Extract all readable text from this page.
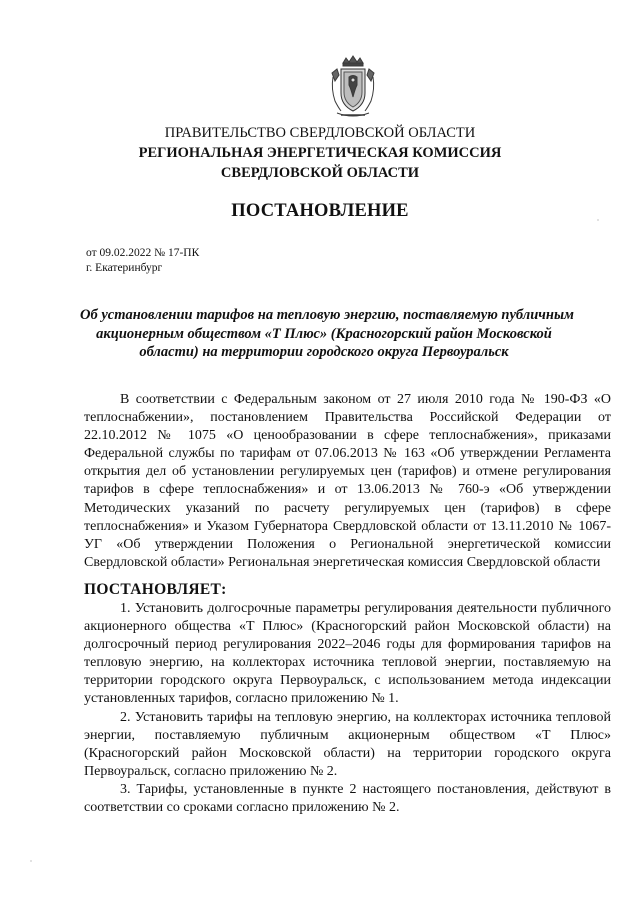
ПРАВИТЕЛЬСТВО СВЕРДЛОВСКОЙ ОБЛАСТИ
РЕГИОНАЛЬНАЯ ЭНЕРГЕТИЧЕСКАЯ КОМИССИЯ
СВЕРДЛОВСКОЙ ОБЛАСТИ
ПОСТАНОВЛЕНИЕ
от 09.02.2022 № 17-ПК
г. Екатеринбург
Об установлении тарифов на тепловую энергию, поставляемую публичным
акционерным обществом «Т Плюс» (Красногорский район Московской
области) на территории городского округа Первоуральск

В соответствии с Федеральным законом от 27 июля 2010 года № 190-ФЗ «О теплоснабжении», постановлением Правительства Российской Федерации от 22.10.2012 № 1075 «О ценообразовании в сфере теплоснабжения», приказами Федеральной службы по тарифам от 07.06.2013 № 163 «Об утверждении Регламента открытия дел об установлении регулируемых цен (тарифов) и отмене регулирования тарифов в сфере теплоснабжения» и от 13.06.2013 № 760-э «Об утверждении Методических указаний по расчету регулируемых цен (тарифов) в сфере теплоснабжения» и Указом Губернатора Свердловской области от 13.11.2010 № 1067-УГ «Об утверждении Положения о Региональной энергетической комиссии Свердловской области» Региональная энергетическая комиссия Свердловской области

ПОСТАНОВЛЯЕТ:

1. Установить долгосрочные параметры регулирования деятельности публичного акционерного общества «Т Плюс» (Красногорский район Московской области) на долгосрочный период регулирования 2022–2046 годы для формирования тарифов на тепловую энергию, на коллекторах источника тепловой энергии, поставляемую на территории городского округа Первоуральск, с использованием метода индексации установленных тарифов, согласно приложению № 1.

2. Установить тарифы на тепловую энергию, на коллекторах источника тепловой энергии, поставляемую публичным акционерным обществом «Т Плюс» (Красногорский район Московской области) на территории городского округа Первоуральск, согласно приложению № 2.

3. Тарифы, установленные в пункте 2 настоящего постановления, действуют в соответствии со сроками согласно приложению № 2.
